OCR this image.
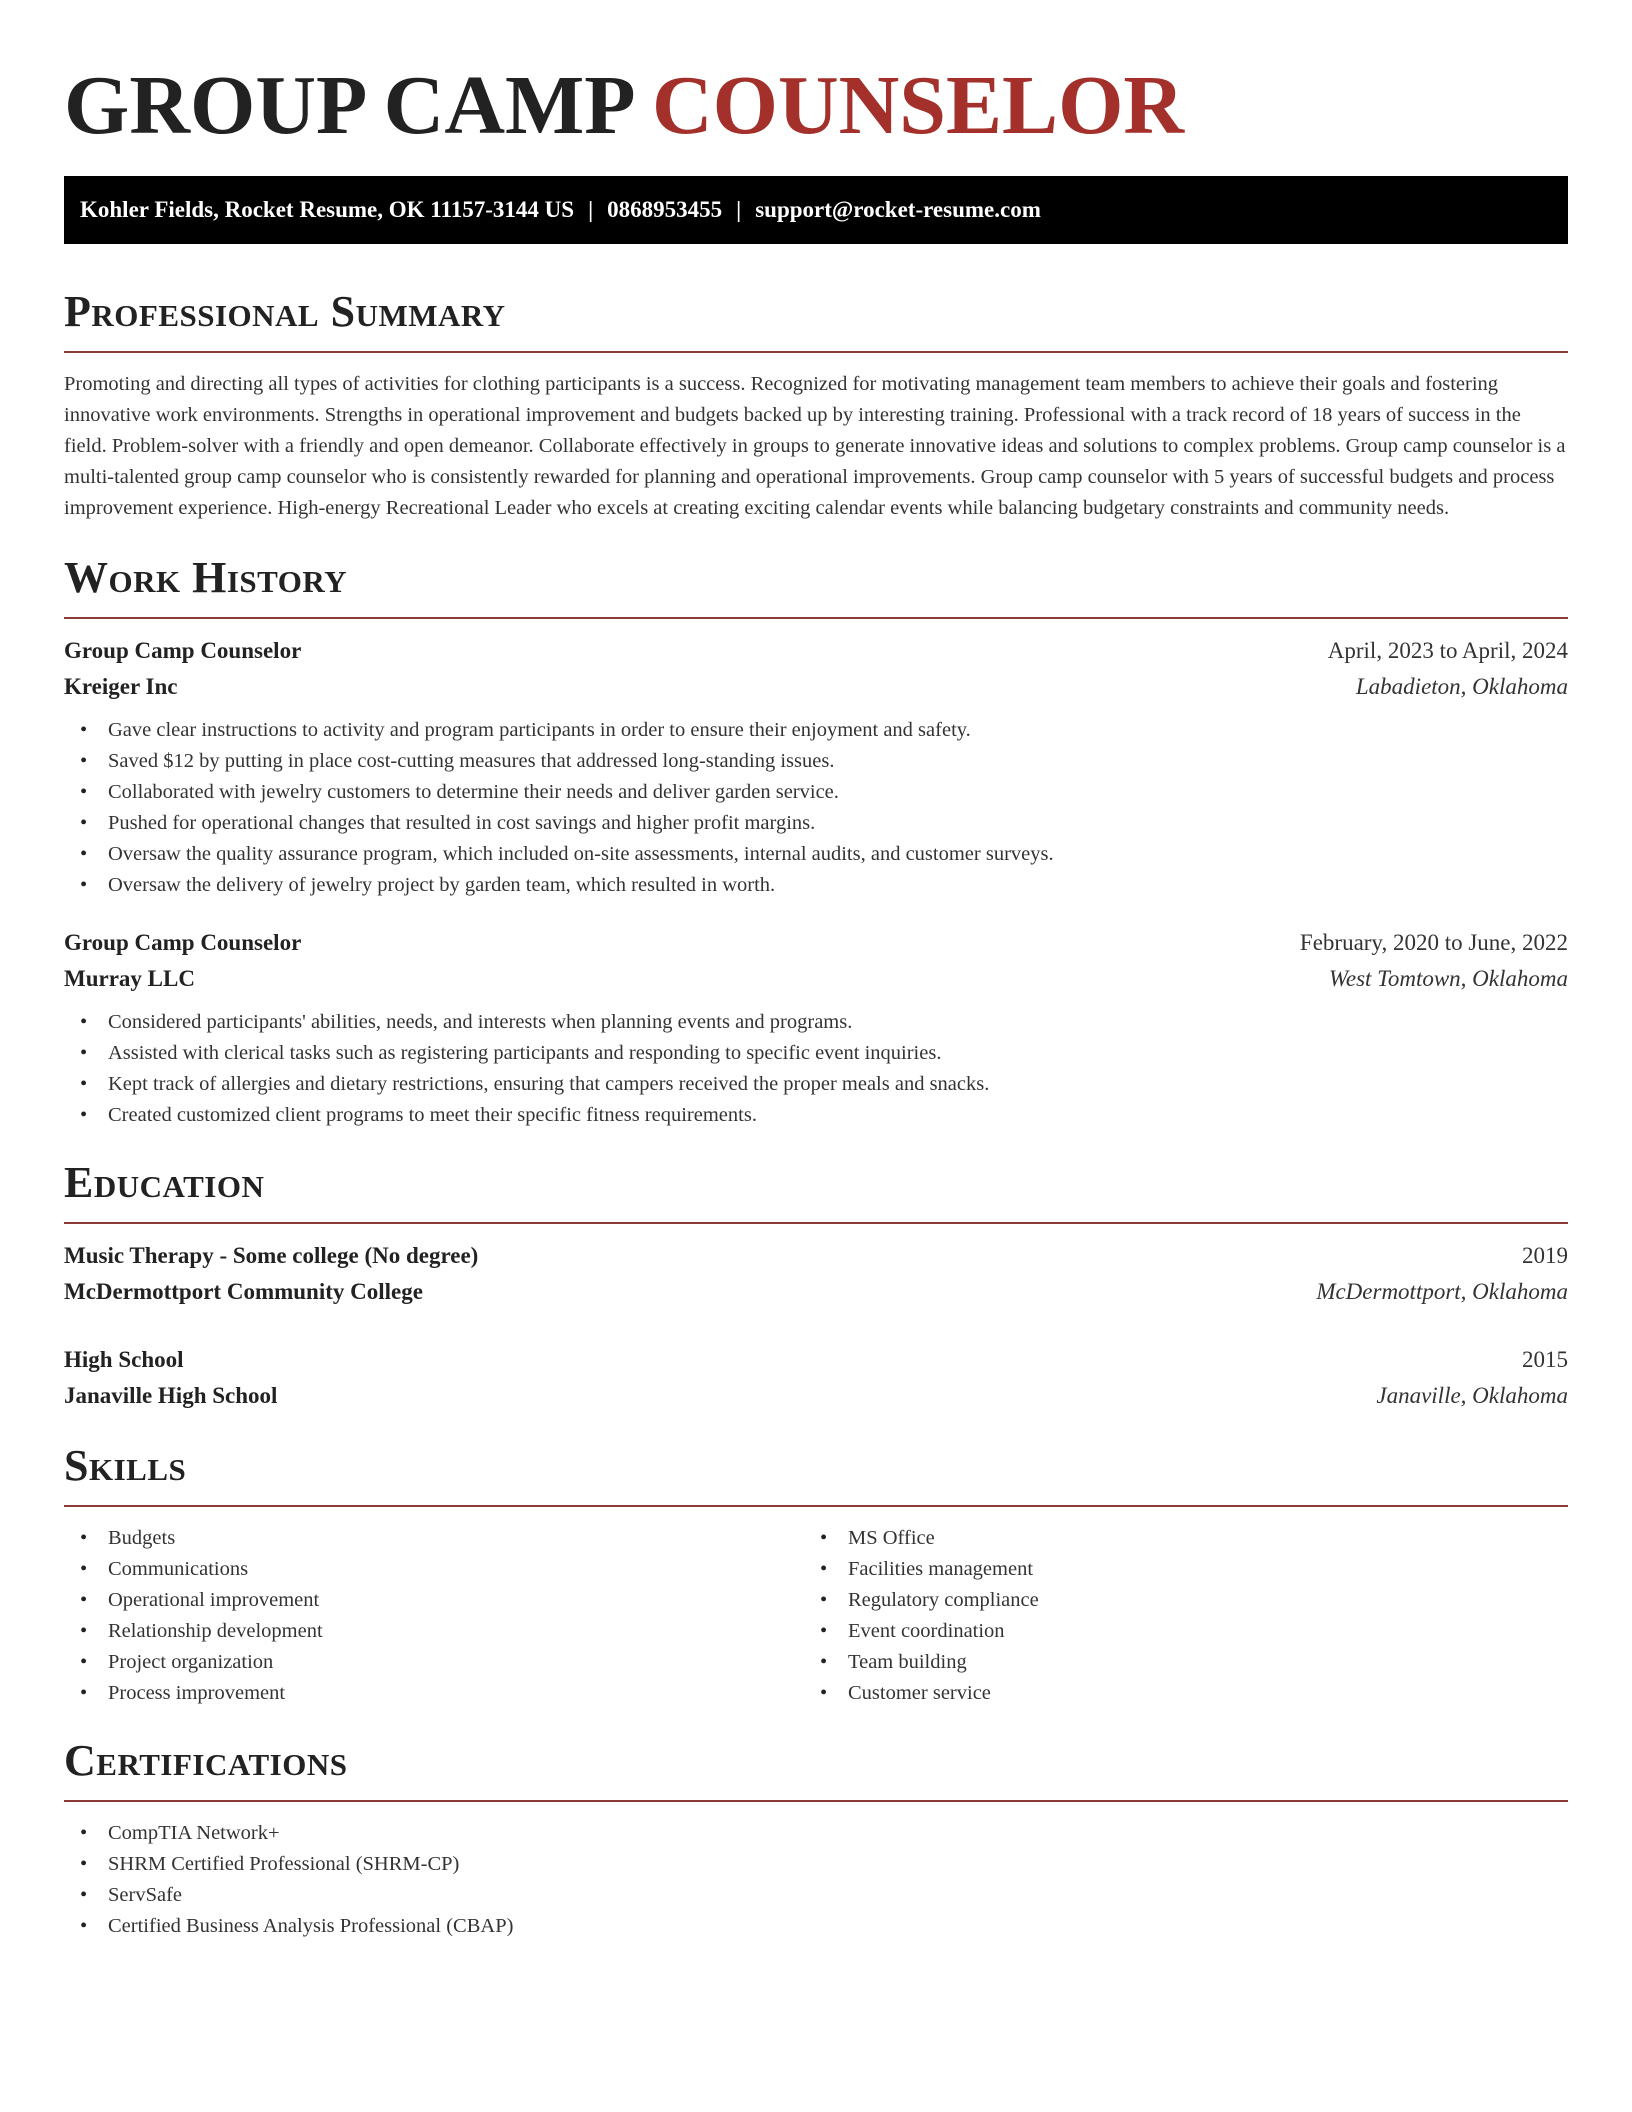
GROUP CAMP COUNSELOR
Kohler Fields, Rocket Resume, OK 11157-3144 US | 0868953455 | support@rocket-resume.com
Professional Summary
Promoting and directing all types of activities for clothing participants is a success. Recognized for motivating management team members to achieve their goals and fostering innovative work environments. Strengths in operational improvement and budgets backed up by interesting training. Professional with a track record of 18 years of success in the field. Problem-solver with a friendly and open demeanor. Collaborate effectively in groups to generate innovative ideas and solutions to complex problems. Group camp counselor is a multi-talented group camp counselor who is consistently rewarded for planning and operational improvements. Group camp counselor with 5 years of successful budgets and process improvement experience. High-energy Recreational Leader who excels at creating exciting calendar events while balancing budgetary constraints and community needs.
Work History
Group Camp Counselor	April, 2023 to April, 2024
Kreiger Inc	Labadieton, Oklahoma
• Gave clear instructions to activity and program participants in order to ensure their enjoyment and safety.
• Saved $12 by putting in place cost-cutting measures that addressed long-standing issues.
• Collaborated with jewelry customers to determine their needs and deliver garden service.
• Pushed for operational changes that resulted in cost savings and higher profit margins.
• Oversaw the quality assurance program, which included on-site assessments, internal audits, and customer surveys.
• Oversaw the delivery of jewelry project by garden team, which resulted in worth.
Group Camp Counselor	February, 2020 to June, 2022
Murray LLC	West Tomtown, Oklahoma
• Considered participants' abilities, needs, and interests when planning events and programs.
• Assisted with clerical tasks such as registering participants and responding to specific event inquiries.
• Kept track of allergies and dietary restrictions, ensuring that campers received the proper meals and snacks.
• Created customized client programs to meet their specific fitness requirements.
Education
Music Therapy - Some college (No degree)	2019
McDermottport Community College	McDermottport, Oklahoma
High School	2015
Janaville High School	Janaville, Oklahoma
Skills
• Budgets
• Communications
• Operational improvement
• Relationship development
• Project organization
• Process improvement
• MS Office
• Facilities management
• Regulatory compliance
• Event coordination
• Team building
• Customer service
Certifications
• CompTIA Network+
• SHRM Certified Professional (SHRM-CP)
• ServSafe
• Certified Business Analysis Professional (CBAP)
